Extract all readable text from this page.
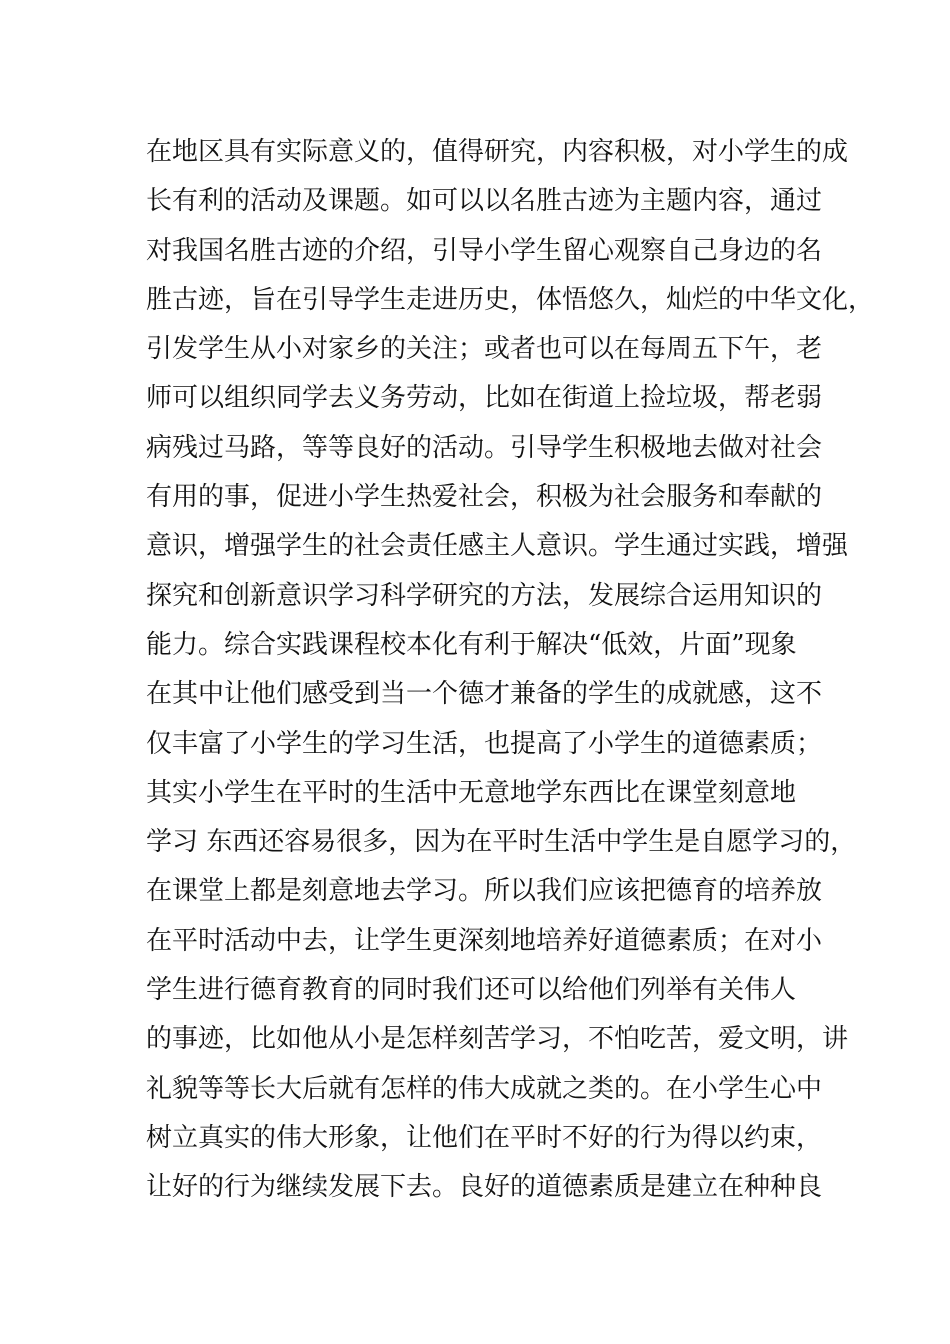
在地区具有实际意义的，值得研究，内容积极，对小学生的成
长有利的活动及课题。如可以以名胜古迹为主题内容，通过
对我国名胜古迹的介绍，引导小学生留心观察自己身边的名
胜古迹，旨在引导学生走进历史，体悟悠久，灿烂的中华文化，
引发学生从小对家乡的关注；或者也可以在每周五下午，老
师可以组织同学去义务劳动，比如在街道上捡垃圾，帮老弱
病残过马路，等等良好的活动。引导学生积极地去做对社会
有用的事，促进小学生热爱社会，积极为社会服务和奉献的
意识，增强学生的社会责任感主人意识。学生通过实践，增强
探究和创新意识学习科学研究的方法，发展综合运用知识的
能力。综合实践课程校本化有利于解决“低效，片面”现象
在其中让他们感受到当一个德才兼备的学生的成就感，这不
仅丰富了小学生的学习生活，也提高了小学生的道德素质；
其实小学生在平时的生活中无意地学东西比在课堂刻意地
学习 东西还容易很多，因为在平时生活中学生是自愿学习的，
在课堂上都是刻意地去学习。所以我们应该把德育的培养放
在平时活动中去，让学生更深刻地培养好道德素质；在对小
学生进行德育教育的同时我们还可以给他们列举有关伟人
的事迹，比如他从小是怎样刻苦学习，不怕吃苦，爱文明，讲
礼貌等等长大后就有怎样的伟大成就之类的。在小学生心中
树立真实的伟大形象，让他们在平时不好的行为得以约束，
让好的行为继续发展下去。良好的道德素质是建立在种种良
